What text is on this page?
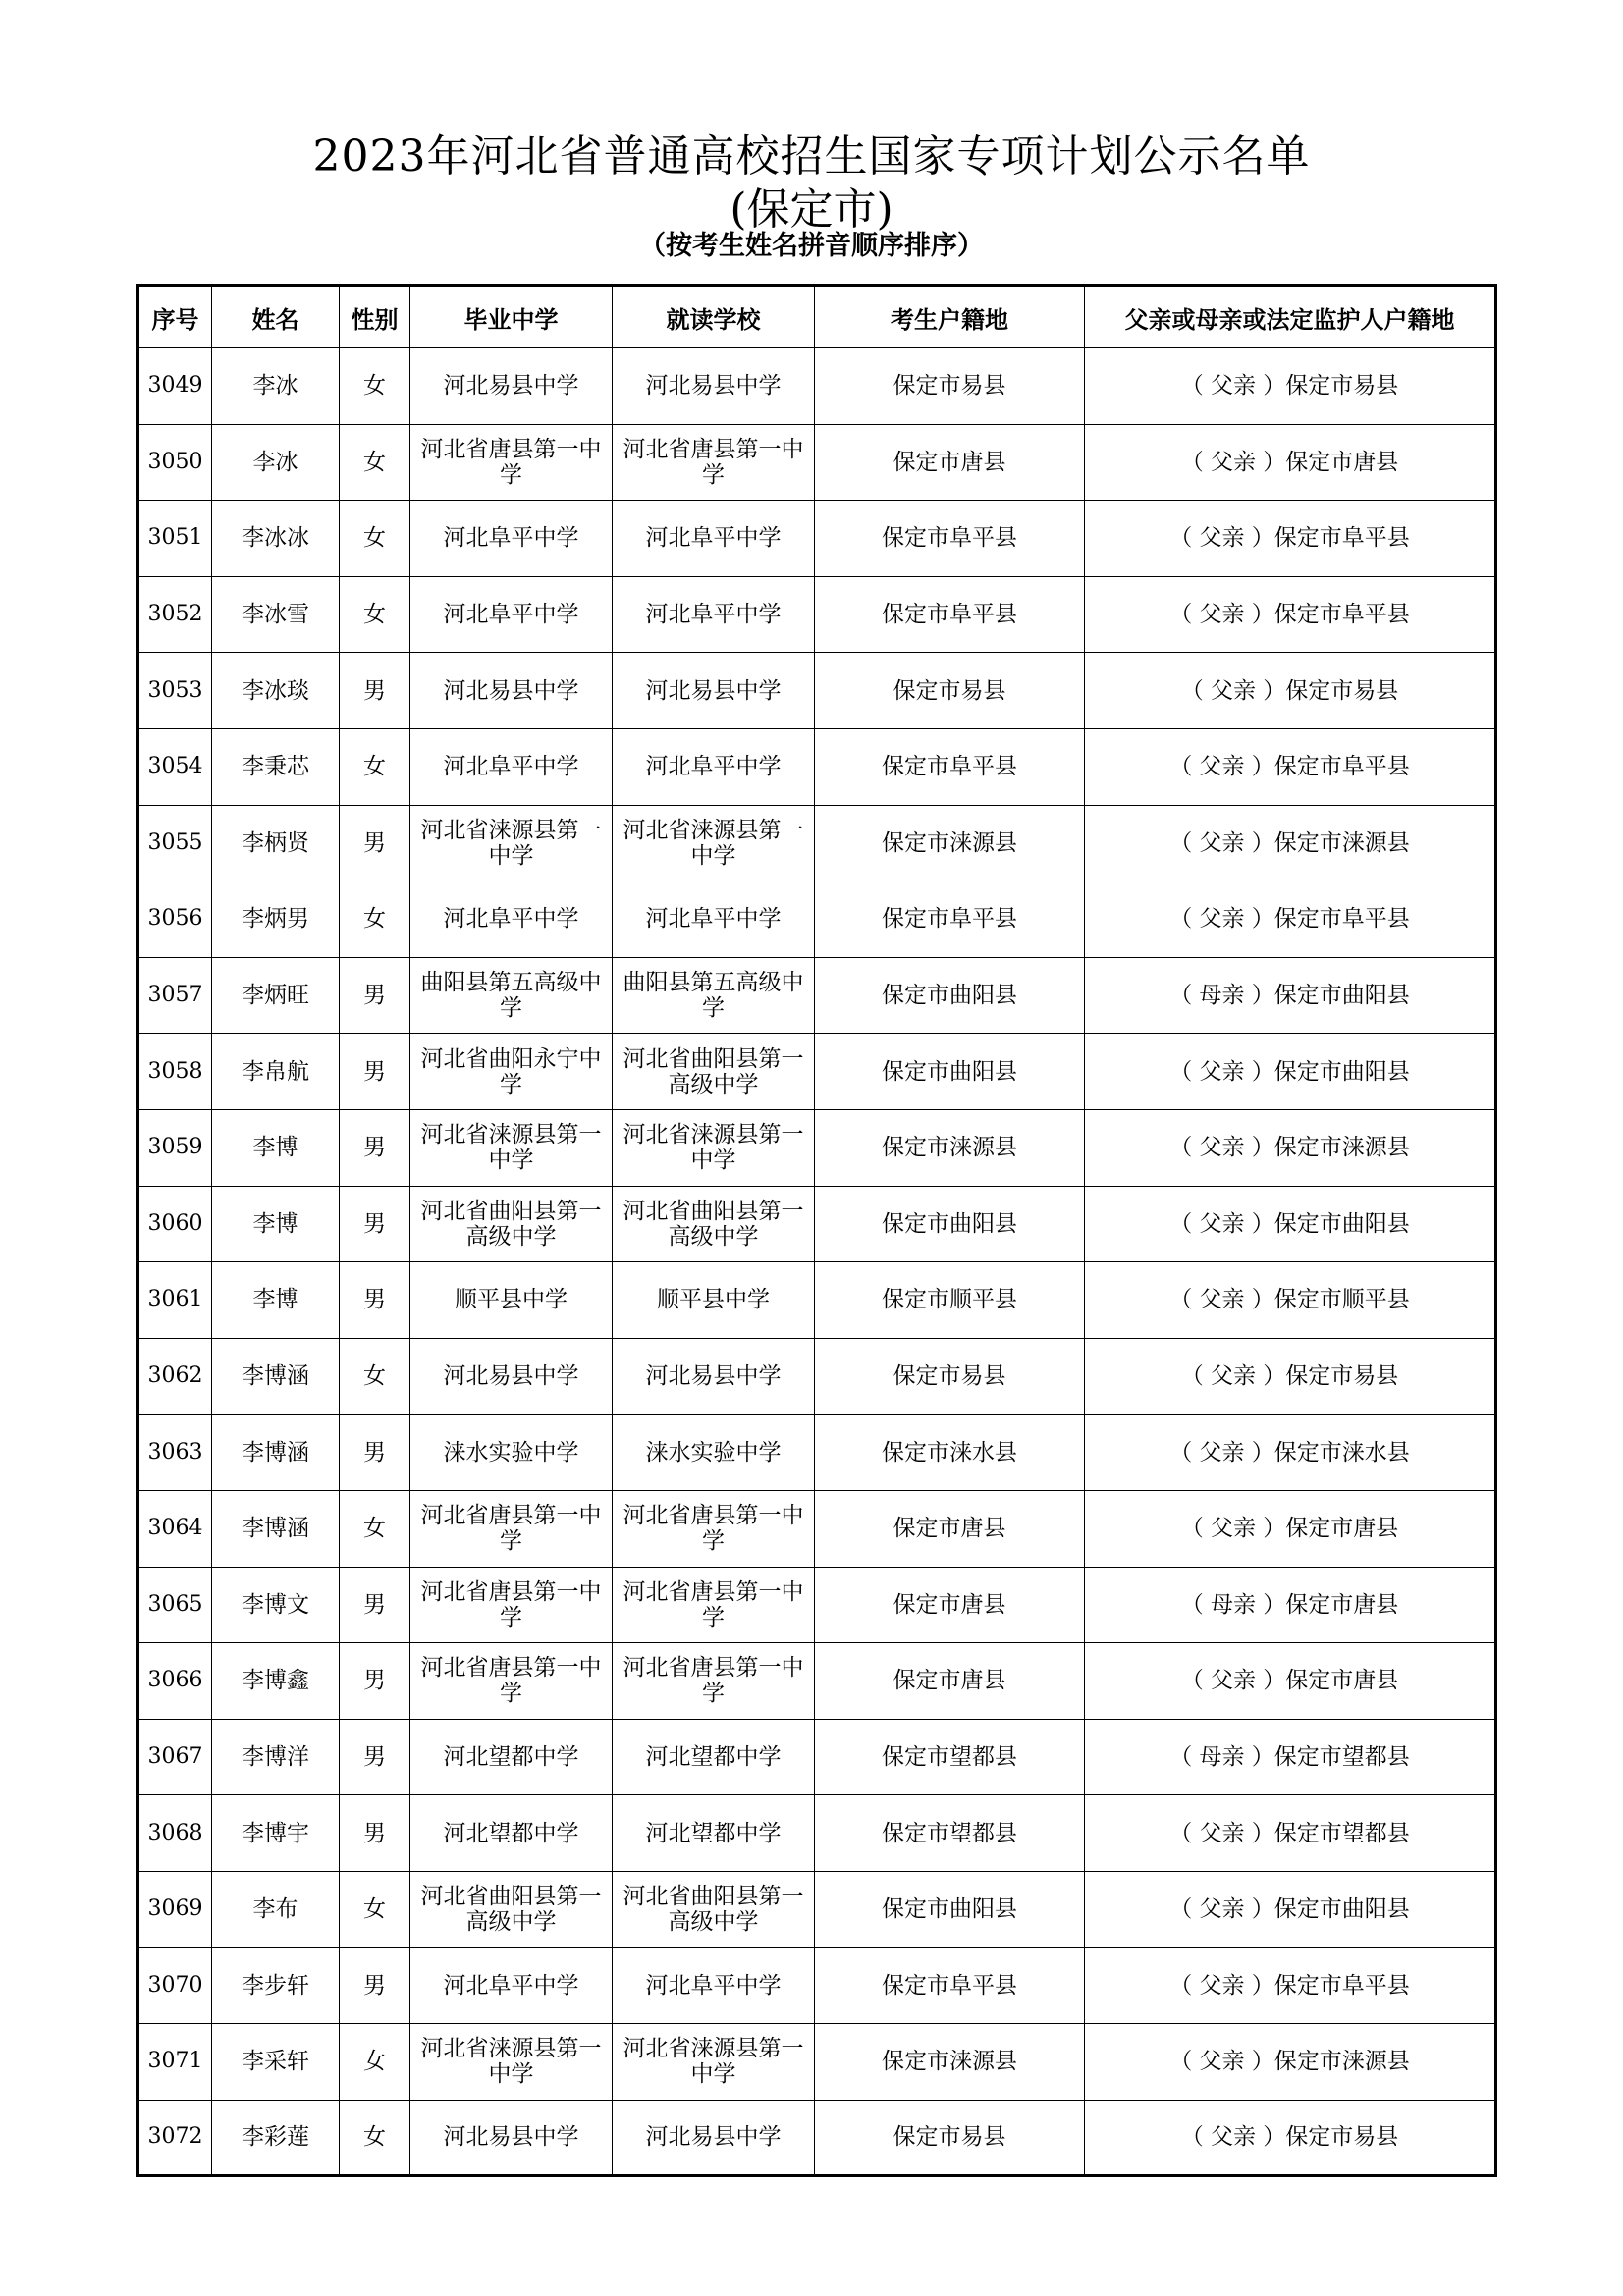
2023年河北省普通高校招生国家专项计划公示名单
(保定市)
（按考生姓名拼音顺序排序）
序号	姓名	性别	毕业中学	就读学校	考生户籍地	父亲或母亲或法定监护人户籍地
3049	李冰	女	河北易县中学	河北易县中学	保定市易县	（ 父亲 ）保定市易县
3050	李冰	女	河北省唐县第一中学	河北省唐县第一中学	保定市唐县	（ 父亲 ）保定市唐县
3051	李冰冰	女	河北阜平中学	河北阜平中学	保定市阜平县	（ 父亲 ）保定市阜平县
3052	李冰雪	女	河北阜平中学	河北阜平中学	保定市阜平县	（ 父亲 ）保定市阜平县
3053	李冰琰	男	河北易县中学	河北易县中学	保定市易县	（ 父亲 ）保定市易县
3054	李秉芯	女	河北阜平中学	河北阜平中学	保定市阜平县	（ 父亲 ）保定市阜平县
3055	李柄贤	男	河北省涞源县第一中学	河北省涞源县第一中学	保定市涞源县	（ 父亲 ）保定市涞源县
3056	李炳男	女	河北阜平中学	河北阜平中学	保定市阜平县	（ 父亲 ）保定市阜平县
3057	李炳旺	男	曲阳县第五高级中学	曲阳县第五高级中学	保定市曲阳县	（ 母亲 ）保定市曲阳县
3058	李帛航	男	河北省曲阳永宁中学	河北省曲阳县第一高级中学	保定市曲阳县	（ 父亲 ）保定市曲阳县
3059	李博	男	河北省涞源县第一中学	河北省涞源县第一中学	保定市涞源县	（ 父亲 ）保定市涞源县
3060	李博	男	河北省曲阳县第一高级中学	河北省曲阳县第一高级中学	保定市曲阳县	（ 父亲 ）保定市曲阳县
3061	李博	男	顺平县中学	顺平县中学	保定市顺平县	（ 父亲 ）保定市顺平县
3062	李博涵	女	河北易县中学	河北易县中学	保定市易县	（ 父亲 ）保定市易县
3063	李博涵	男	涞水实验中学	涞水实验中学	保定市涞水县	（ 父亲 ）保定市涞水县
3064	李博涵	女	河北省唐县第一中学	河北省唐县第一中学	保定市唐县	（ 父亲 ）保定市唐县
3065	李博文	男	河北省唐县第一中学	河北省唐县第一中学	保定市唐县	（ 母亲 ）保定市唐县
3066	李博鑫	男	河北省唐县第一中学	河北省唐县第一中学	保定市唐县	（ 父亲 ）保定市唐县
3067	李博洋	男	河北望都中学	河北望都中学	保定市望都县	（ 母亲 ）保定市望都县
3068	李博宇	男	河北望都中学	河北望都中学	保定市望都县	（ 父亲 ）保定市望都县
3069	李布	女	河北省曲阳县第一高级中学	河北省曲阳县第一高级中学	保定市曲阳县	（ 父亲 ）保定市曲阳县
3070	李步轩	男	河北阜平中学	河北阜平中学	保定市阜平县	（ 父亲 ）保定市阜平县
3071	李采轩	女	河北省涞源县第一中学	河北省涞源县第一中学	保定市涞源县	（ 父亲 ）保定市涞源县
3072	李彩莲	女	河北易县中学	河北易县中学	保定市易县	（ 父亲 ）保定市易县
